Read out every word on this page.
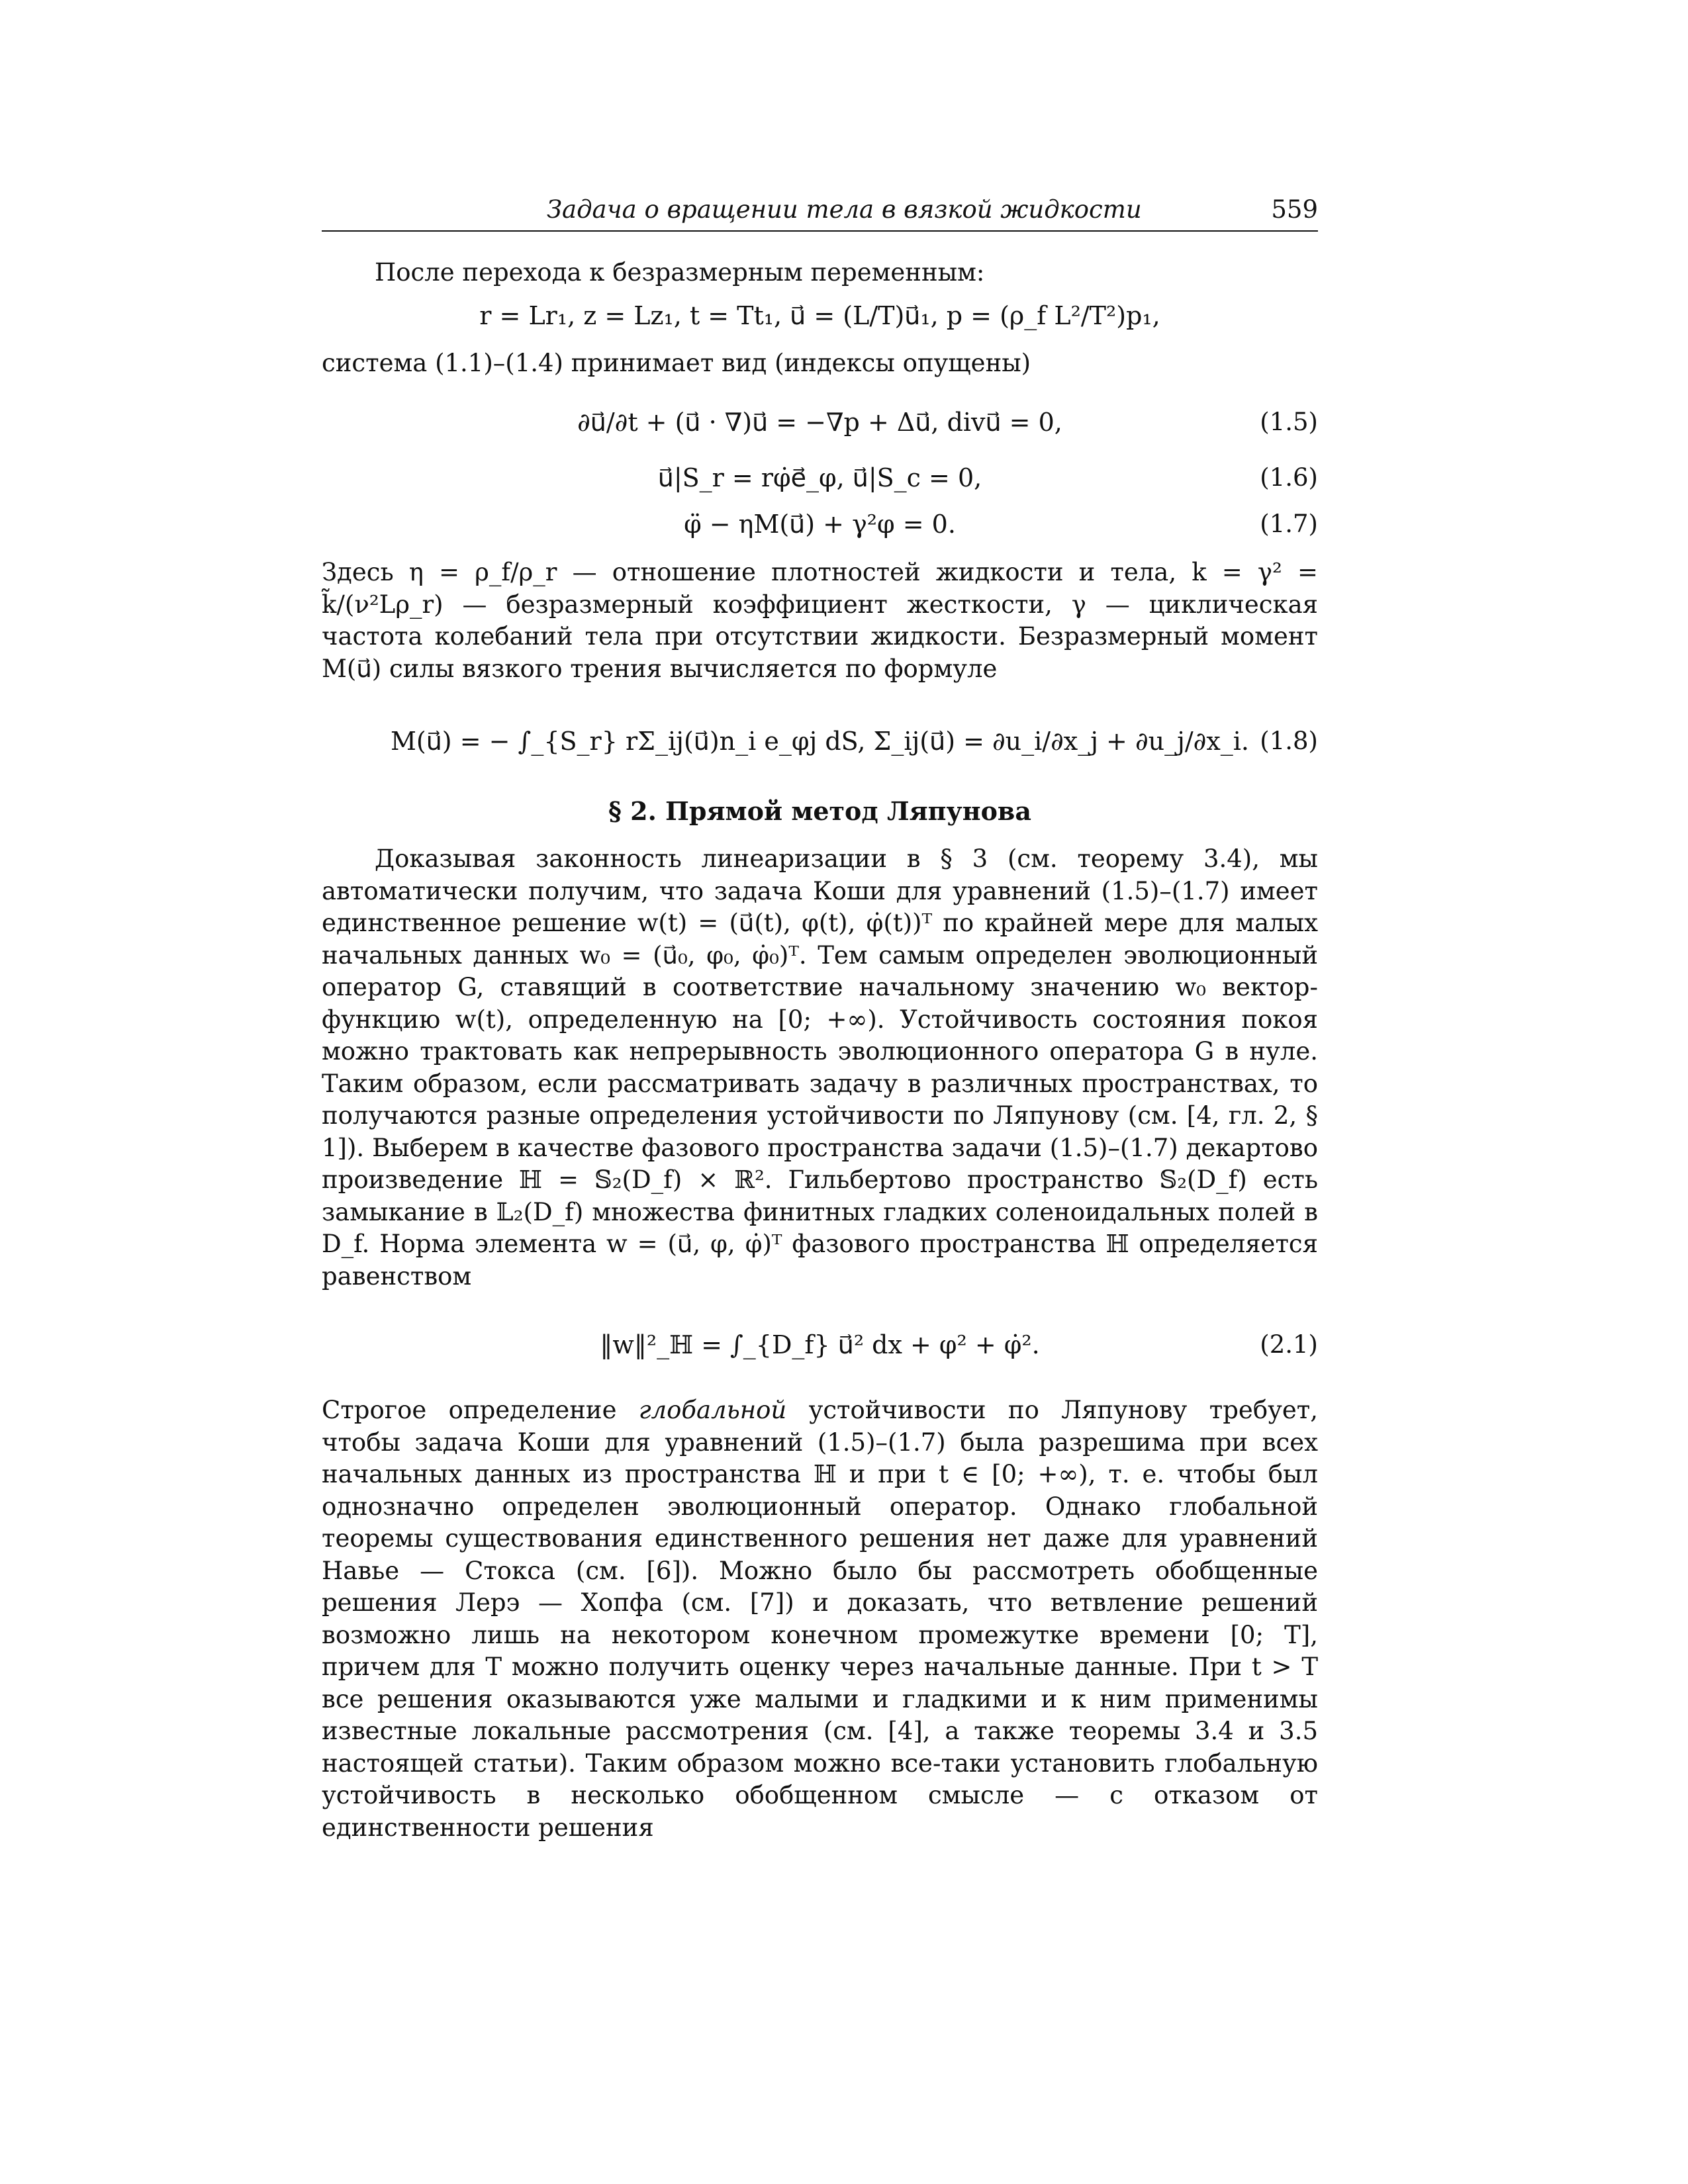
Задача о вращении тела в вязкой жидкости	559

После перехода к безразмерным переменным:

r = Lr₁, z = Lz₁, t = Tt₁, u⃗ = (L/T)u⃗₁, p = (ρ_f L²/T²)p₁,

система (1.1)–(1.4) принимает вид (индексы опущены)

∂u⃗/∂t + (u⃗ · ∇)u⃗ = −∇p + Δu⃗, divu⃗ = 0,	(1.5)
u⃗|S_r = rφ̇e⃗_φ, u⃗|S_c = 0,	(1.6)
φ̈ − ηM(u⃗) + γ²φ = 0.	(1.7)

Здесь η = ρ_f/ρ_r — отношение плотностей жидкости и тела, k = γ² = k̃/(ν²Lρ_r) — безразмерный коэффициент жесткости, γ — циклическая частота колебаний тела при отсутствии жидкости. Безразмерный момент M(u⃗) силы вязкого трения вычисляется по формуле

M(u⃗) = − ∫_{S_r} rΣ_ij(u⃗)n_i e_φj dS, Σ_ij(u⃗) = ∂u_i/∂x_j + ∂u_j/∂x_i. (1.8)
§ 2. Прямой метод Ляпунова

Доказывая законность линеаризации в § 3 (см. теорему 3.4), мы автоматически получим, что задача Коши для уравнений (1.5)–(1.7) имеет единственное решение w(t) = (u⃗(t), φ(t), φ̇(t))ᵀ по крайней мере для малых начальных данных w₀ = (u⃗₀, φ₀, φ̇₀)ᵀ. Тем самым определен эволюционный оператор G, ставящий в соответствие начальному значению w₀ вектор-функцию w(t), определенную на [0; +∞). Устойчивость состояния покоя можно трактовать как непрерывность эволюционного оператора G в нуле. Таким образом, если рассматривать задачу в различных пространствах, то получаются разные определения устойчивости по Ляпунову (см. [4, гл. 2, § 1]). Выберем в качестве фазового пространства задачи (1.5)–(1.7) декартово произведение ℍ = 𝕊₂(D_f) × ℝ². Гильбертово пространство 𝕊₂(D_f) есть замыкание в 𝕃₂(D_f) множества финитных гладких соленоидальных полей в D_f. Норма элемента w = (u⃗, φ, φ̇)ᵀ фазового пространства ℍ определяется равенством

‖w‖²_ℍ = ∫_{D_f} u⃗² dx + φ² + φ̇².	(2.1)

Строгое определение глобальной устойчивости по Ляпунову требует, чтобы задача Коши для уравнений (1.5)–(1.7) была разрешима при всех начальных данных из пространства ℍ и при t ∈ [0; +∞), т. е. чтобы был однозначно определен эволюционный оператор. Однако глобальной теоремы существования единственного решения нет даже для уравнений Навье — Стокса (см. [6]). Можно было бы рассмотреть обобщенные решения Лерэ — Хопфа (см. [7]) и доказать, что ветвление решений возможно лишь на некотором конечном промежутке времени [0; T], причем для T можно получить оценку через начальные данные. При t > T все решения оказываются уже малыми и гладкими и к ним применимы известные локальные рассмотрения (см. [4], а также теоремы 3.4 и 3.5 настоящей статьи). Таким образом можно все-таки установить глобальную устойчивость в несколько обобщенном смысле — с отказом от единственности решения
